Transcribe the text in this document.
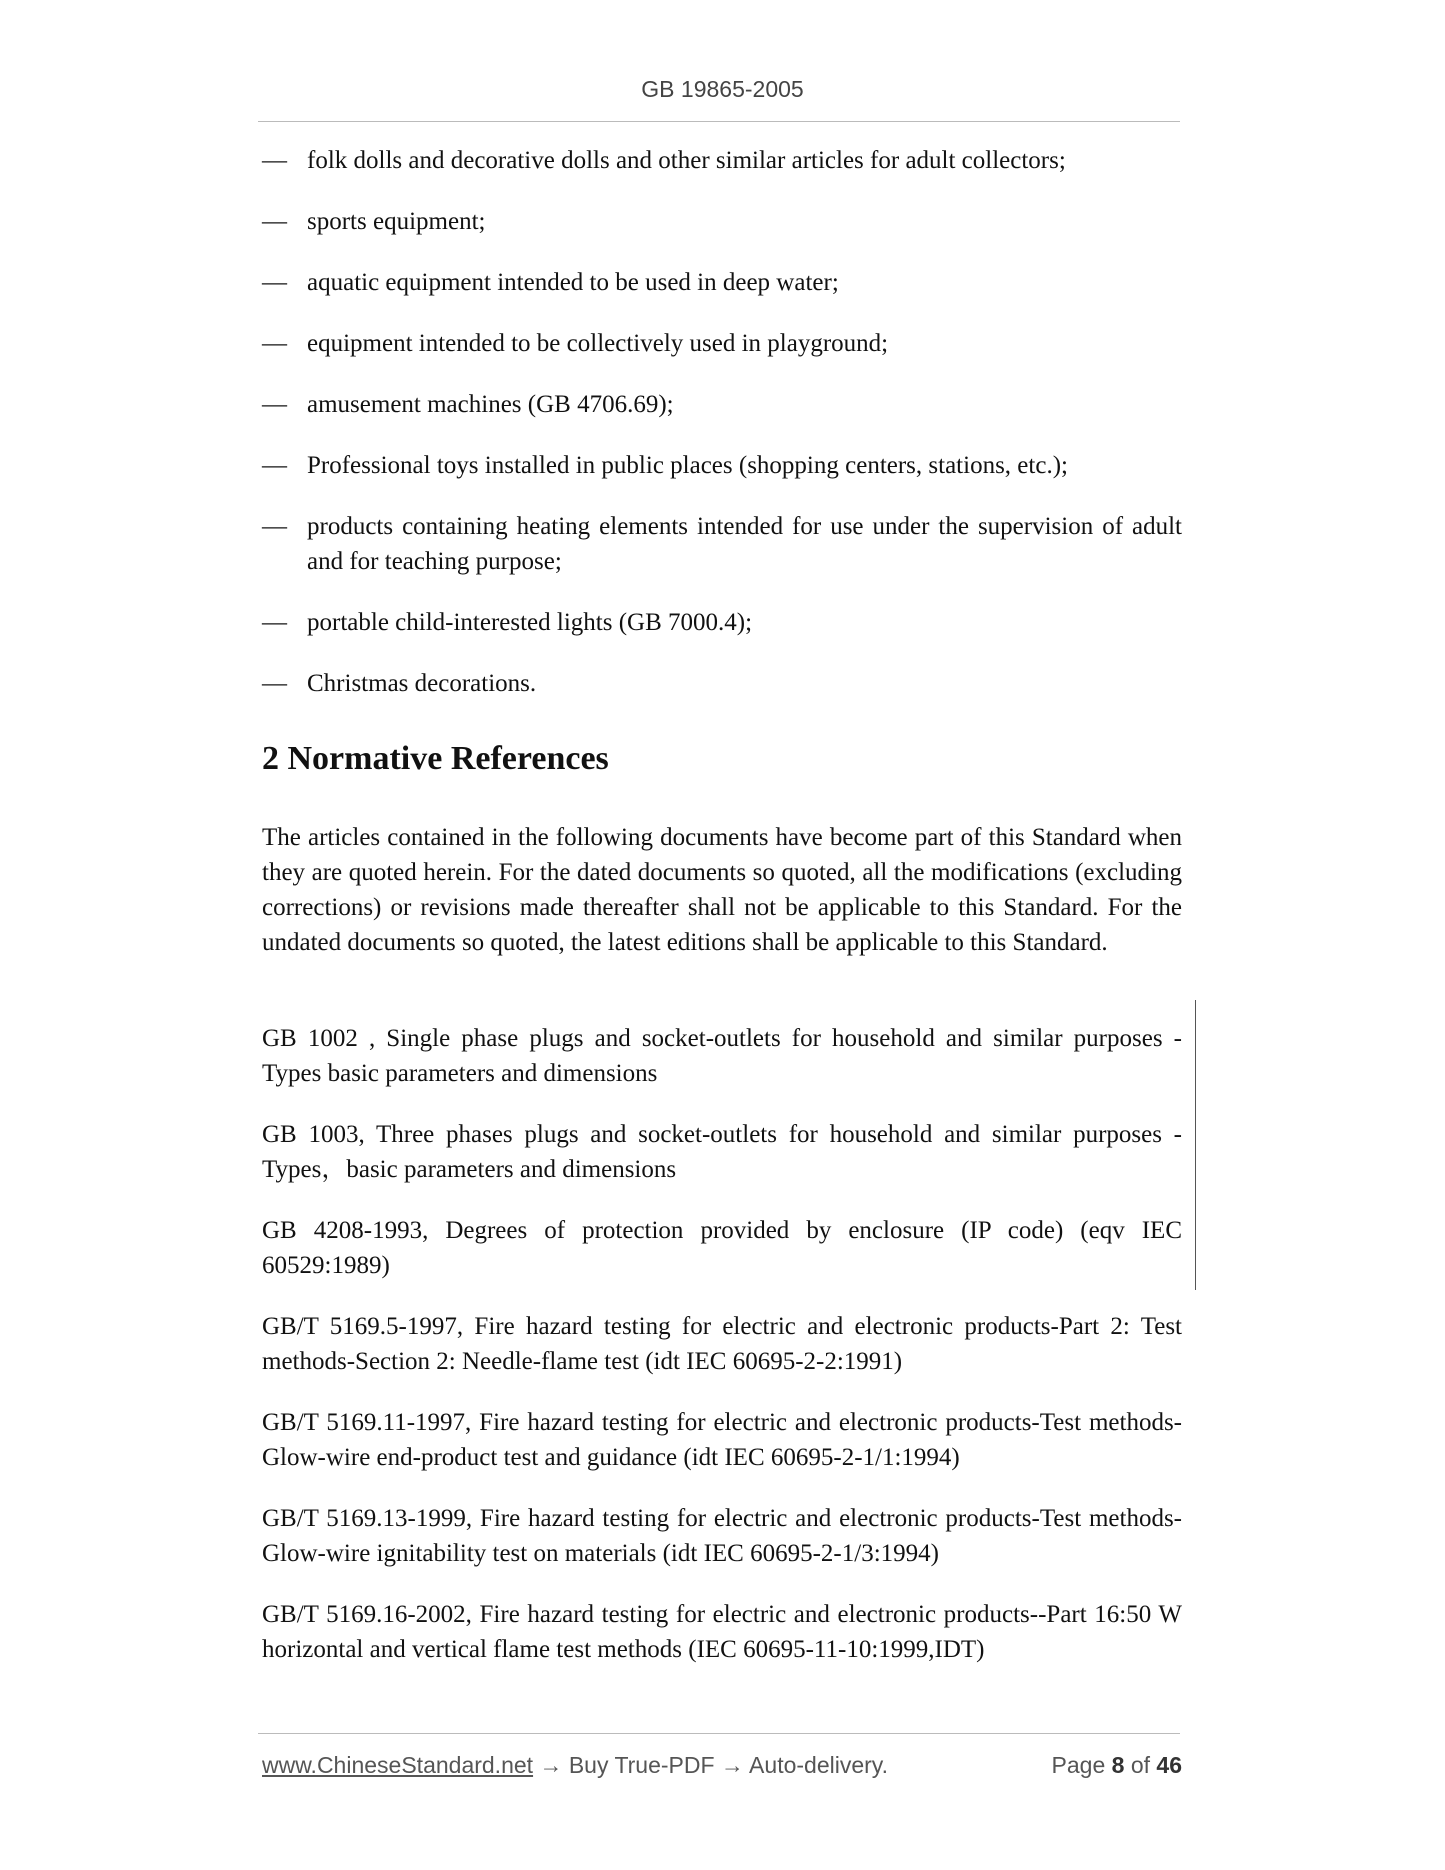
GB 19865-2005
— folk dolls and decorative dolls and other similar articles for adult collectors;
— sports equipment;
— aquatic equipment intended to be used in deep water;
— equipment intended to be collectively used in playground;
— amusement machines (GB 4706.69);
— Professional toys installed in public places (shopping centers, stations, etc.);
— products containing heating elements intended for use under the supervision of adult and for teaching purpose;
— portable child-interested lights (GB 7000.4);
— Christmas decorations.
2 Normative References
The articles contained in the following documents have become part of this Standard when they are quoted herein. For the dated documents so quoted, all the modifications (excluding corrections) or revisions made thereafter shall not be applicable to this Standard. For the undated documents so quoted, the latest editions shall be applicable to this Standard.
GB 1002 , Single phase plugs and socket-outlets for household and similar purposes - Types basic parameters and dimensions
GB 1003, Three phases plugs and socket-outlets for household and similar purposes - Types，basic parameters and dimensions
GB 4208-1993, Degrees of protection provided by enclosure (IP code) (eqv IEC 60529:1989)
GB/T 5169.5-1997, Fire hazard testing for electric and electronic products-Part 2: Test methods-Section 2: Needle-flame test (idt IEC 60695-2-2:1991)
GB/T 5169.11-1997, Fire hazard testing for electric and electronic products-Test methods-Glow-wire end-product test and guidance (idt IEC 60695-2-1/1:1994)
GB/T 5169.13-1999, Fire hazard testing for electric and electronic products-Test methods-Glow-wire ignitability test on materials (idt IEC 60695-2-1/3:1994)
GB/T 5169.16-2002, Fire hazard testing for electric and electronic products--Part 16:50 W horizontal and vertical flame test methods (IEC 60695-11-10:1999,IDT)
www.ChineseStandard.net → Buy True-PDF → Auto-delivery.	Page 8 of 46
